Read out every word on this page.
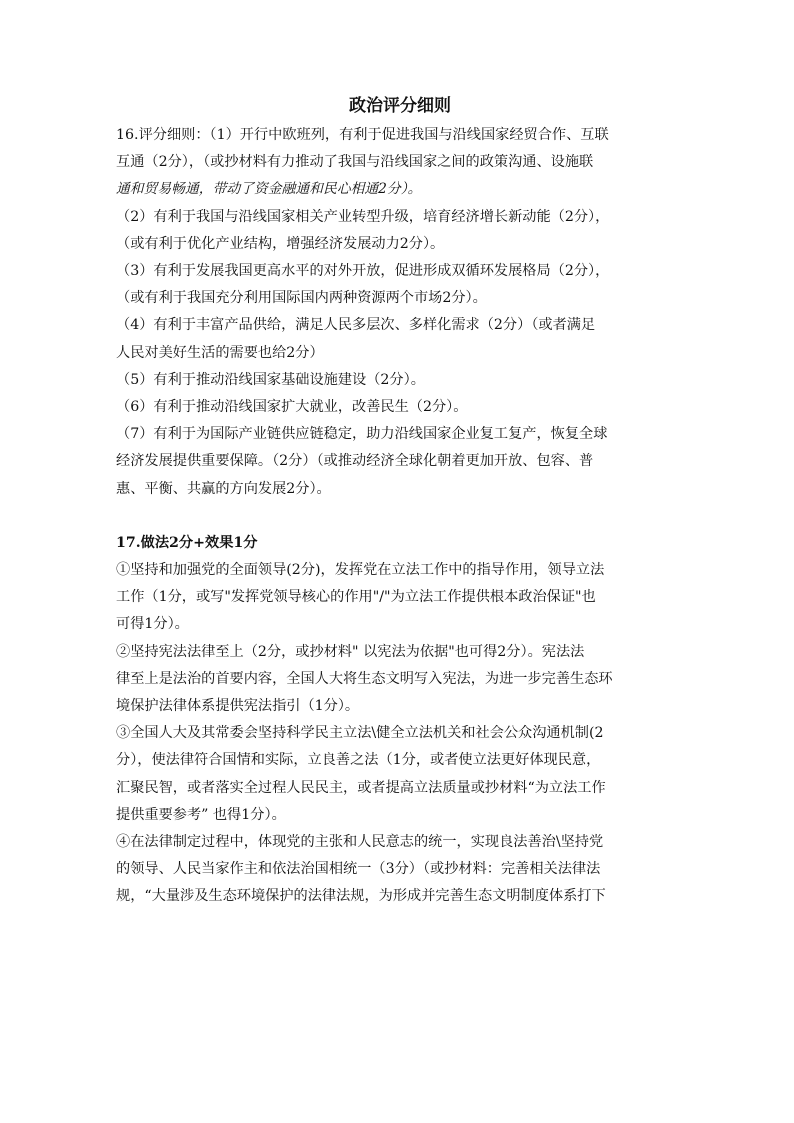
政治评分细则

16.评分细则：（1）开行中欧班列，有利于促进我国与沿线国家经贸合作、互联

互通（2分），（或抄材料有力推动了我国与沿线国家之间的政策沟通、设施联

通和贸易畅通，带动了资金融通和民心相通2分）。

（2）有利于我国与沿线国家相关产业转型升级，培育经济增长新动能（2分），

（或有利于优化产业结构，增强经济发展动力2分）。

（3）有利于发展我国更高水平的对外开放，促进形成双循环发展格局（2分），

（或有利于我国充分利用国际国内两种资源两个市场2分）。

（4）有利于丰富产品供给，满足人民多层次、多样化需求（2分）（或者满足

人民对美好生活的需要也给2分）

（5）有利于推动沿线国家基础设施建设（2分）。

（6）有利于推动沿线国家扩大就业，改善民生（2分）。

（7）有利于为国际产业链供应链稳定，助力沿线国家企业复工复产，恢复全球

经济发展提供重要保障。（2分）（或推动经济全球化朝着更加开放、包容、普

惠、平衡、共赢的方向发展2分）。

17.做法2分+效果1分

①坚持和加强党的全面领导(2分)，发挥党在立法工作中的指导作用，领导立法

工作（1分，或写"发挥党领导核心的作用"/"为立法工作提供根本政治保证"也

可得1分）。

②坚持宪法法律至上（2分，或抄材料" 以宪法为依据"也可得2分）。宪法法

律至上是法治的首要内容，全国人大将生态文明写入宪法，为进一步完善生态环

境保护法律体系提供宪法指引（1分）。

③全国人大及其常委会坚持科学民主立法\健全立法机关和社会公众沟通机制(2

分），使法律符合国情和实际，立良善之法（1分，或者使立法更好体现民意，

汇聚民智，或者落实全过程人民民主，或者提高立法质量或抄材料“为立法工作

提供重要参考” 也得1分）。

④在法律制定过程中，体现党的主张和人民意志的统一，实现良法善治\坚持党

的领导、人民当家作主和依法治国相统一（3分）（或抄材料：完善相关法律法

规，“大量涉及生态环境保护的法律法规，为形成并完善生态文明制度体系打下
